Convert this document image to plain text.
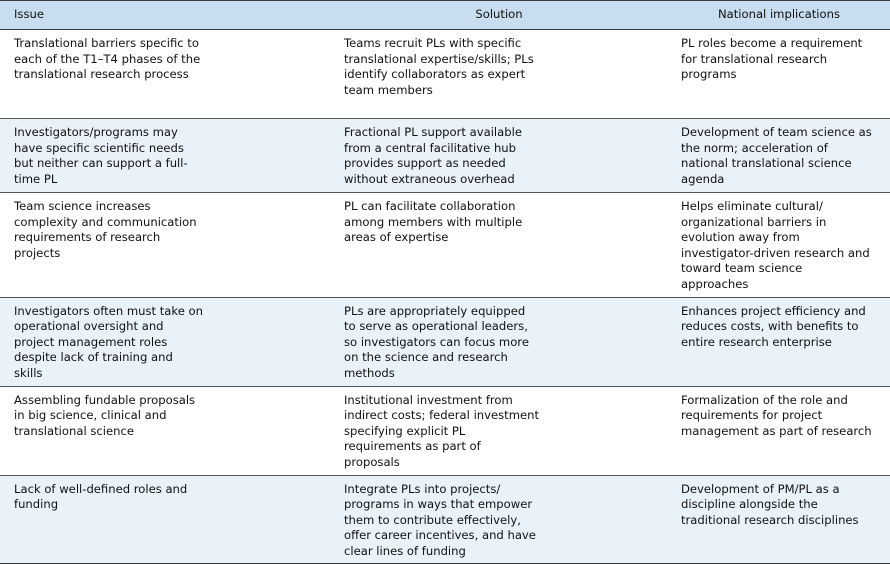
Issue	Solution	National implications

Translational barriers specific to each of the T1–T4 phases of the translational research process	Teams recruit PLs with specific translational expertise/skills; PLs identify collaborators as expert team members	PL roles become a requirement for translational research programs

Investigators/programs may have specific scientific needs but neither can support a full-time PL	Fractional PL support available from a central facilitative hub provides support as needed without extraneous overhead	Development of team science as the norm; acceleration of national translational science agenda

Team science increases complexity and communication requirements of research projects	PL can facilitate collaboration among members with multiple areas of expertise	Helps eliminate cultural/ organizational barriers in evolution away from investigator-driven research and toward team science approaches

Investigators often must take on operational oversight and project management roles despite lack of training and skills	PLs are appropriately equipped to serve as operational leaders, so investigators can focus more on the science and research methods	Enhances project efficiency and reduces costs, with benefits to entire research enterprise

Assembling fundable proposals in big science, clinical and translational science	Institutional investment from indirect costs; federal investment specifying explicit PL requirements as part of proposals	Formalization of the role and requirements for project management as part of research

Lack of well-defined roles and funding	Integrate PLs into projects/ programs in ways that empower them to contribute effectively, offer career incentives, and have clear lines of funding	Development of PM/PL as a discipline alongside the traditional research disciplines
